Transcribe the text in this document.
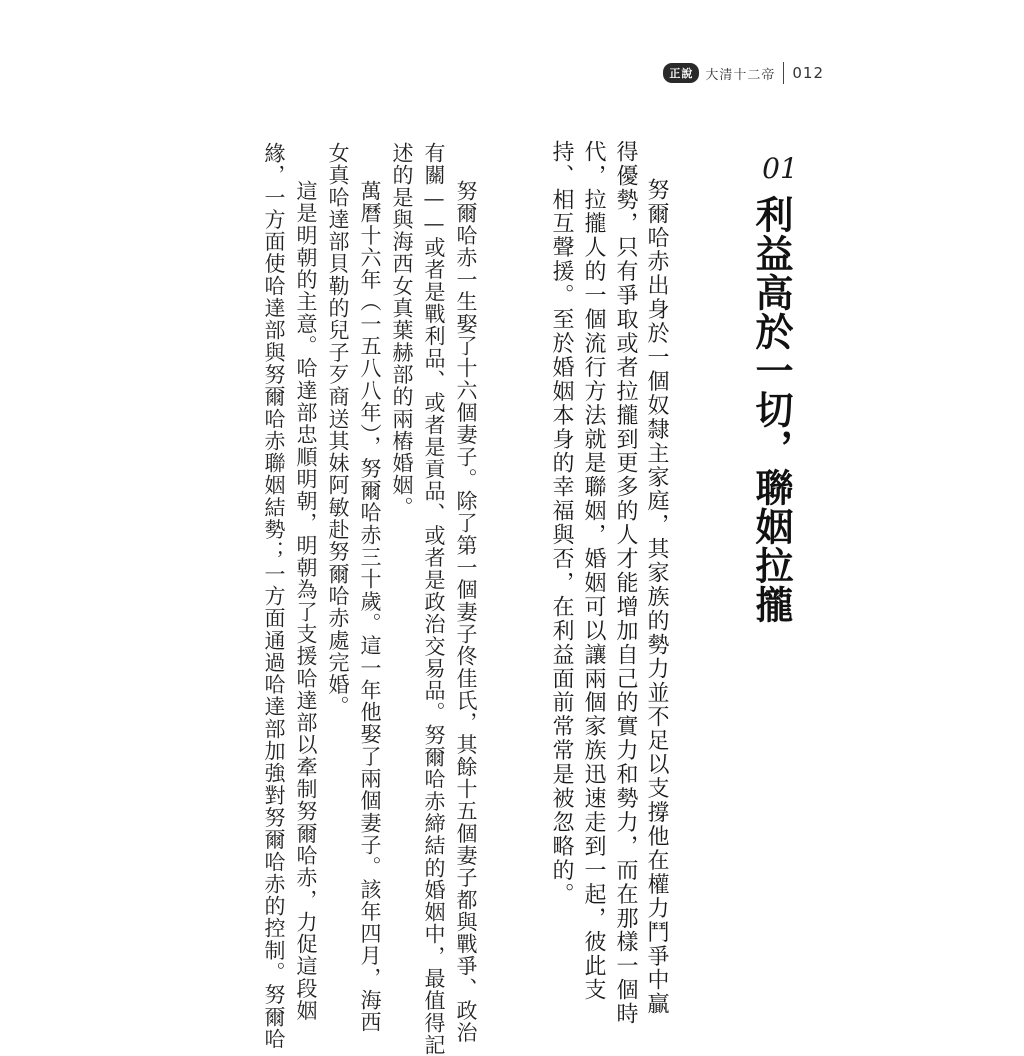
正說 大清十二帝 012
01
利益高於一切，聯姻拉攏
努爾哈赤出身於一個奴隸主家庭，其家族的勢力並不足以支撐他在權力鬥爭中贏
得優勢，只有爭取或者拉攏到更多的人才能增加自己的實力和勢力，而在那樣一個時
代，拉攏人的一個流行方法就是聯姻，婚姻可以讓兩個家族迅速走到一起，彼此支
持、相互聲援。至於婚姻本身的幸福與否，在利益面前常常是被忽略的。
努爾哈赤一生娶了十六個妻子。除了第一個妻子佟佳氏，其餘十五個妻子都與戰爭、政治
有關——或者是戰利品、或者是貢品、或者是政治交易品。努爾哈赤締結的婚姻中，最值得記
述的是與海西女真葉赫部的兩樁婚姻。
萬曆十六年（一五八八年），努爾哈赤三十歲。這一年他娶了兩個妻子。該年四月，海西
女真哈達部貝勒的兒子歹商送其妹阿敏赴努爾哈赤處完婚。
這是明朝的主意。哈達部忠順明朝，明朝為了支援哈達部以牽制努爾哈赤，力促這段姻
緣，一方面使哈達部與努爾哈赤聯姻結勢；一方面通過哈達部加強對努爾哈赤的控制。努爾哈
